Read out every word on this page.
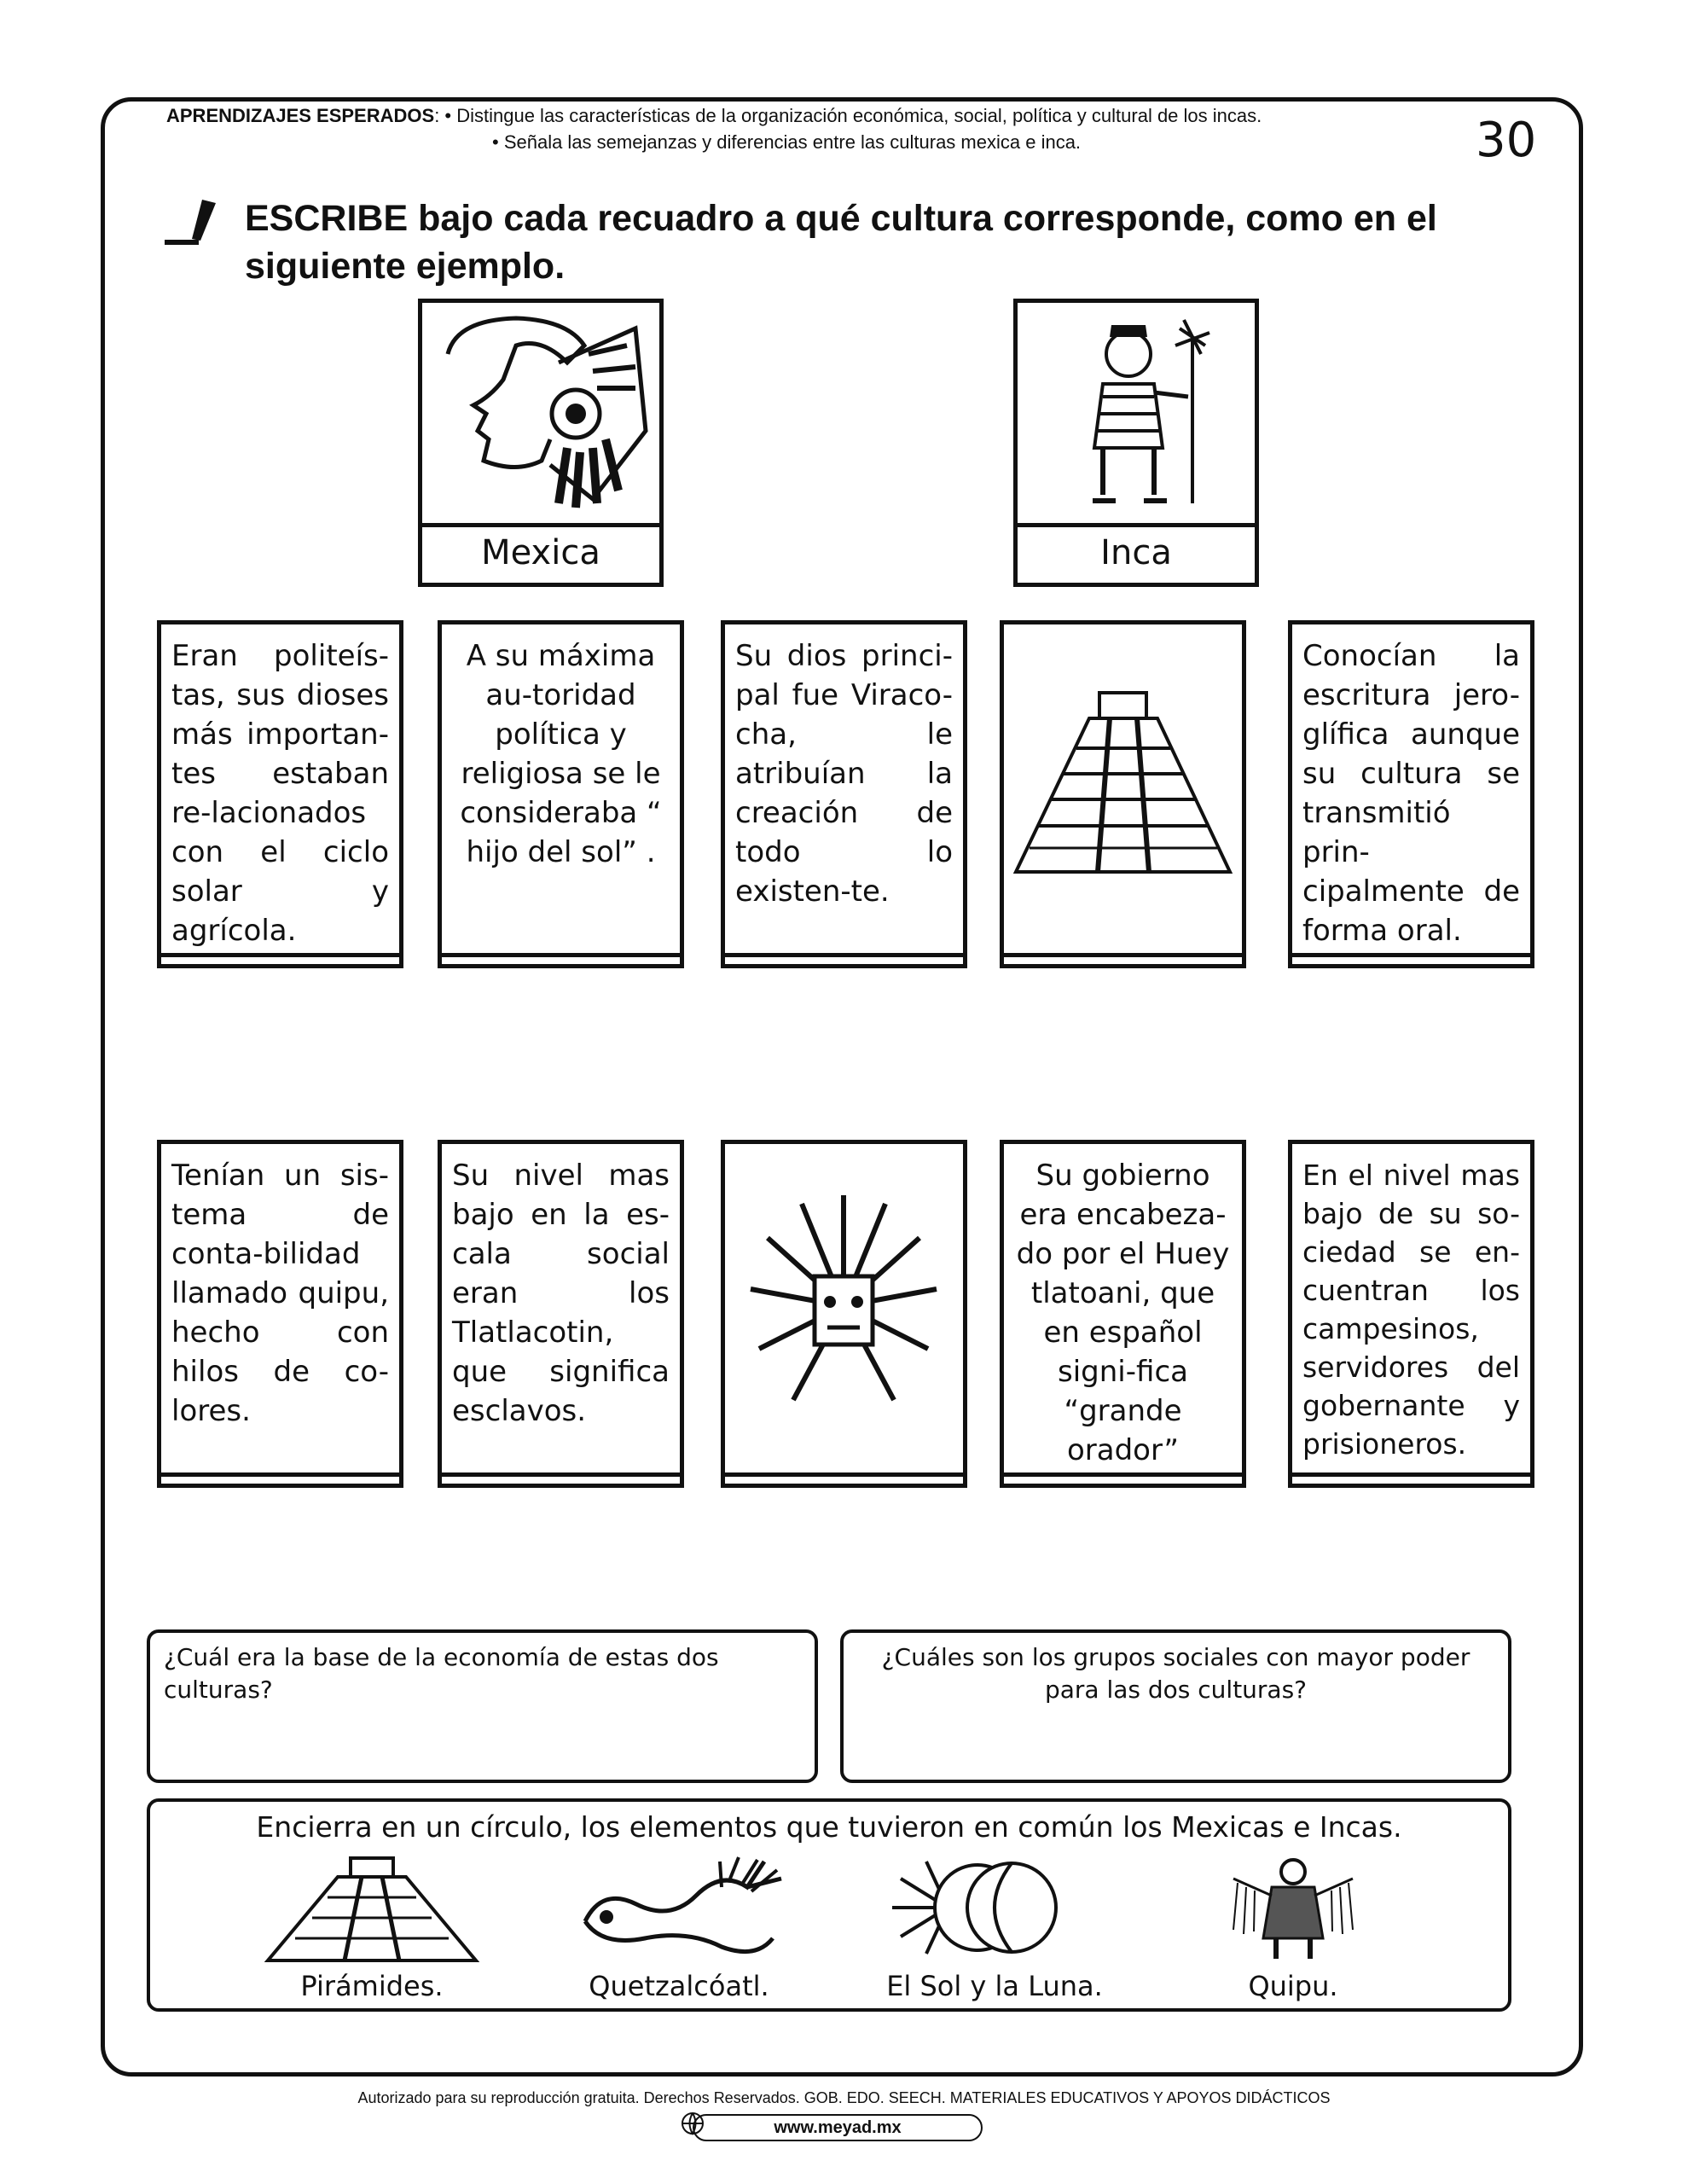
APRENDIZAJES ESPERADOS: • Distingue las características de la organización económica, social, política y cultural de los incas.
• Señala las semejanzas y diferencias entre las culturas mexica e inca.	30
ESCRIBE bajo cada recuadro a qué cultura corresponde, como en el siguiente ejemplo.
Mexica	Inca
Eran politeís-tas, sus dioses más importan-tes estaban re-lacionados con el ciclo solar y agrícola.
A su máxima au-toridad política y religiosa se le consideraba “ hijo del sol” .
Su dios princi-pal fue Viraco-cha, le atribuían la creación de todo lo existen-te.
Conocían la escritura jero-glífica aunque su cultura se transmitió prin-cipalmente de forma oral.
Tenían un sis-tema de conta-bilidad llamado quipu, hecho con hilos de co-lores.
Su nivel mas bajo en la es-cala social eran los Tlatlacotin, que significa esclavos.
Su gobierno era encabeza-do por el Huey tlatoani, que en español signi-fica “grande orador”
En el nivel mas bajo de su so-ciedad se en-cuentran los campesinos, servidores del gobernante y prisioneros.
¿Cuál era la base de la economía de estas dos culturas?
¿Cuáles son los grupos sociales con mayor poder para las dos culturas?
Encierra en un círculo, los elementos que tuvieron en común los Mexicas e Incas.
Pirámides.	Quetzalcóatl.	El Sol y la Luna.	Quipu.
Autorizado para su reproducción gratuita. Derechos Reservados. GOB. EDO. SEECH. MATERIALES EDUCATIVOS Y APOYOS DIDÁCTICOS
www.meyad.mx
